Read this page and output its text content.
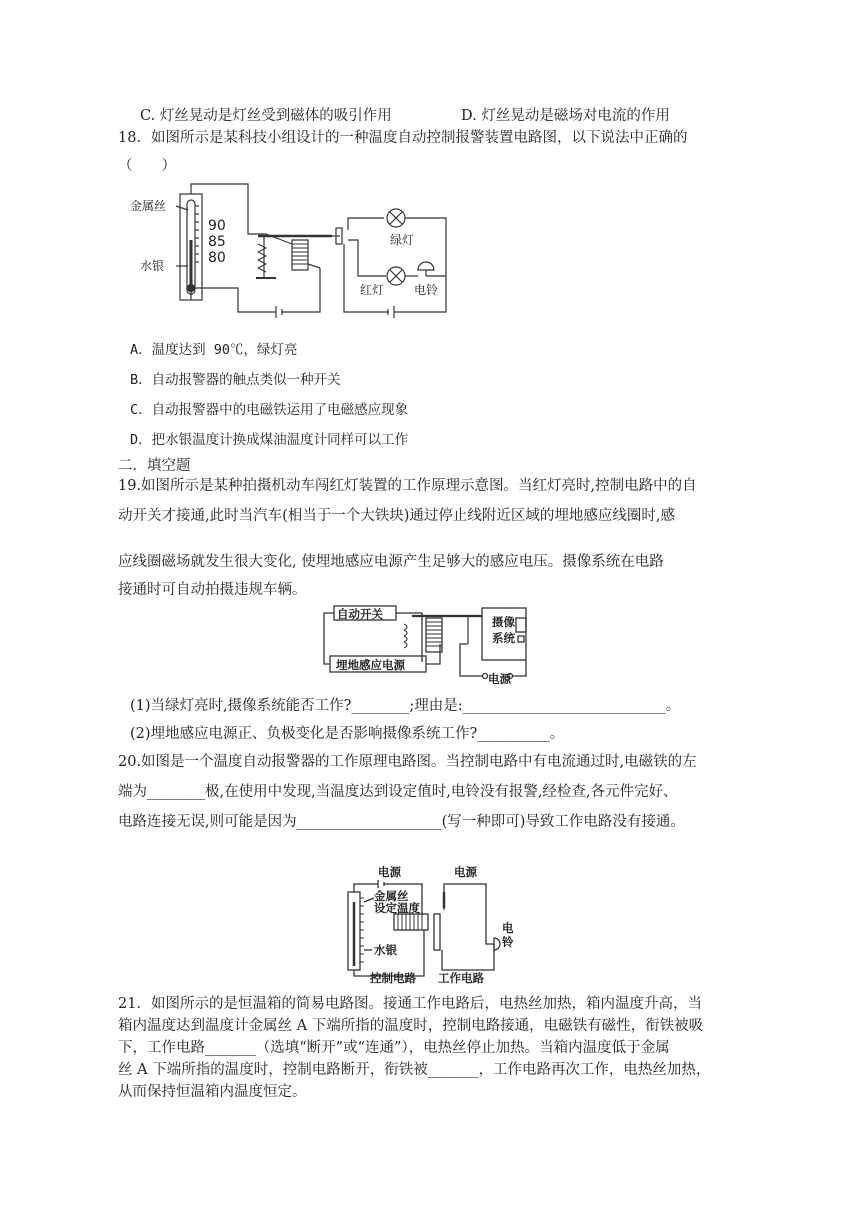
C. 灯丝晃动是灯丝受到磁体的吸引作用	D. 灯丝晃动是磁场对电流的作用
18．如图所示是某科技小组设计的一种温度自动控制报警装置电路图，以下说法中正确的
（　　）
金属丝
水银
90
85
80
绿灯
红灯 电铃
A．温度达到 90℃，绿灯亮
B．自动报警器的触点类似一种开关
C．自动报警器中的电磁铁运用了电磁感应现象
D．把水银温度计换成煤油温度计同样可以工作
二．填空题
19.如图所示是某种拍摄机动车闯红灯装置的工作原理示意图。当红灯亮时,控制电路中的自
动开关才接通,此时当汽车(相当于一个大铁块)通过停止线附近区域的埋地感应线圈时,感
应线圈磁场就发生很大变化, 使埋地感应电源产生足够大的感应电压。摄像系统在电路
接通时可自动拍摄违规车辆。
自动开关
摄像
系统
埋地感应电源
电源
(1)当绿灯亮时,摄像系统能否工作?________;理由是:____________________________。
(2)埋地感应电源正、负极变化是否影响摄像系统工作?__________。
20.如图是一个温度自动报警器的工作原理电路图。当控制电路中有电流通过时,电磁铁的左
端为________极,在使用中发现,当温度达到设定值时,电铃没有报警,经检查,各元件完好、
电路连接无误,则可能是因为____________________(写一种即可)导致工作电路没有接通。
电源	电源
金属丝
设定温度
水银
控制电路 工作电路
电
铃
21．如图所示的是恒温箱的简易电路图。接通工作电路后，电热丝加热，箱内温度升高，当
箱内温度达到温度计金属丝 A 下端所指的温度时，控制电路接通，电磁铁有磁性，衔铁被吸
下，工作电路_______（选填“断开”或“连通”），电热丝停止加热。当箱内温度低于金属
丝 A 下端所指的温度时，控制电路断开，衔铁被_______，工作电路再次工作，电热丝加热，
从而保持恒温箱内温度恒定。
